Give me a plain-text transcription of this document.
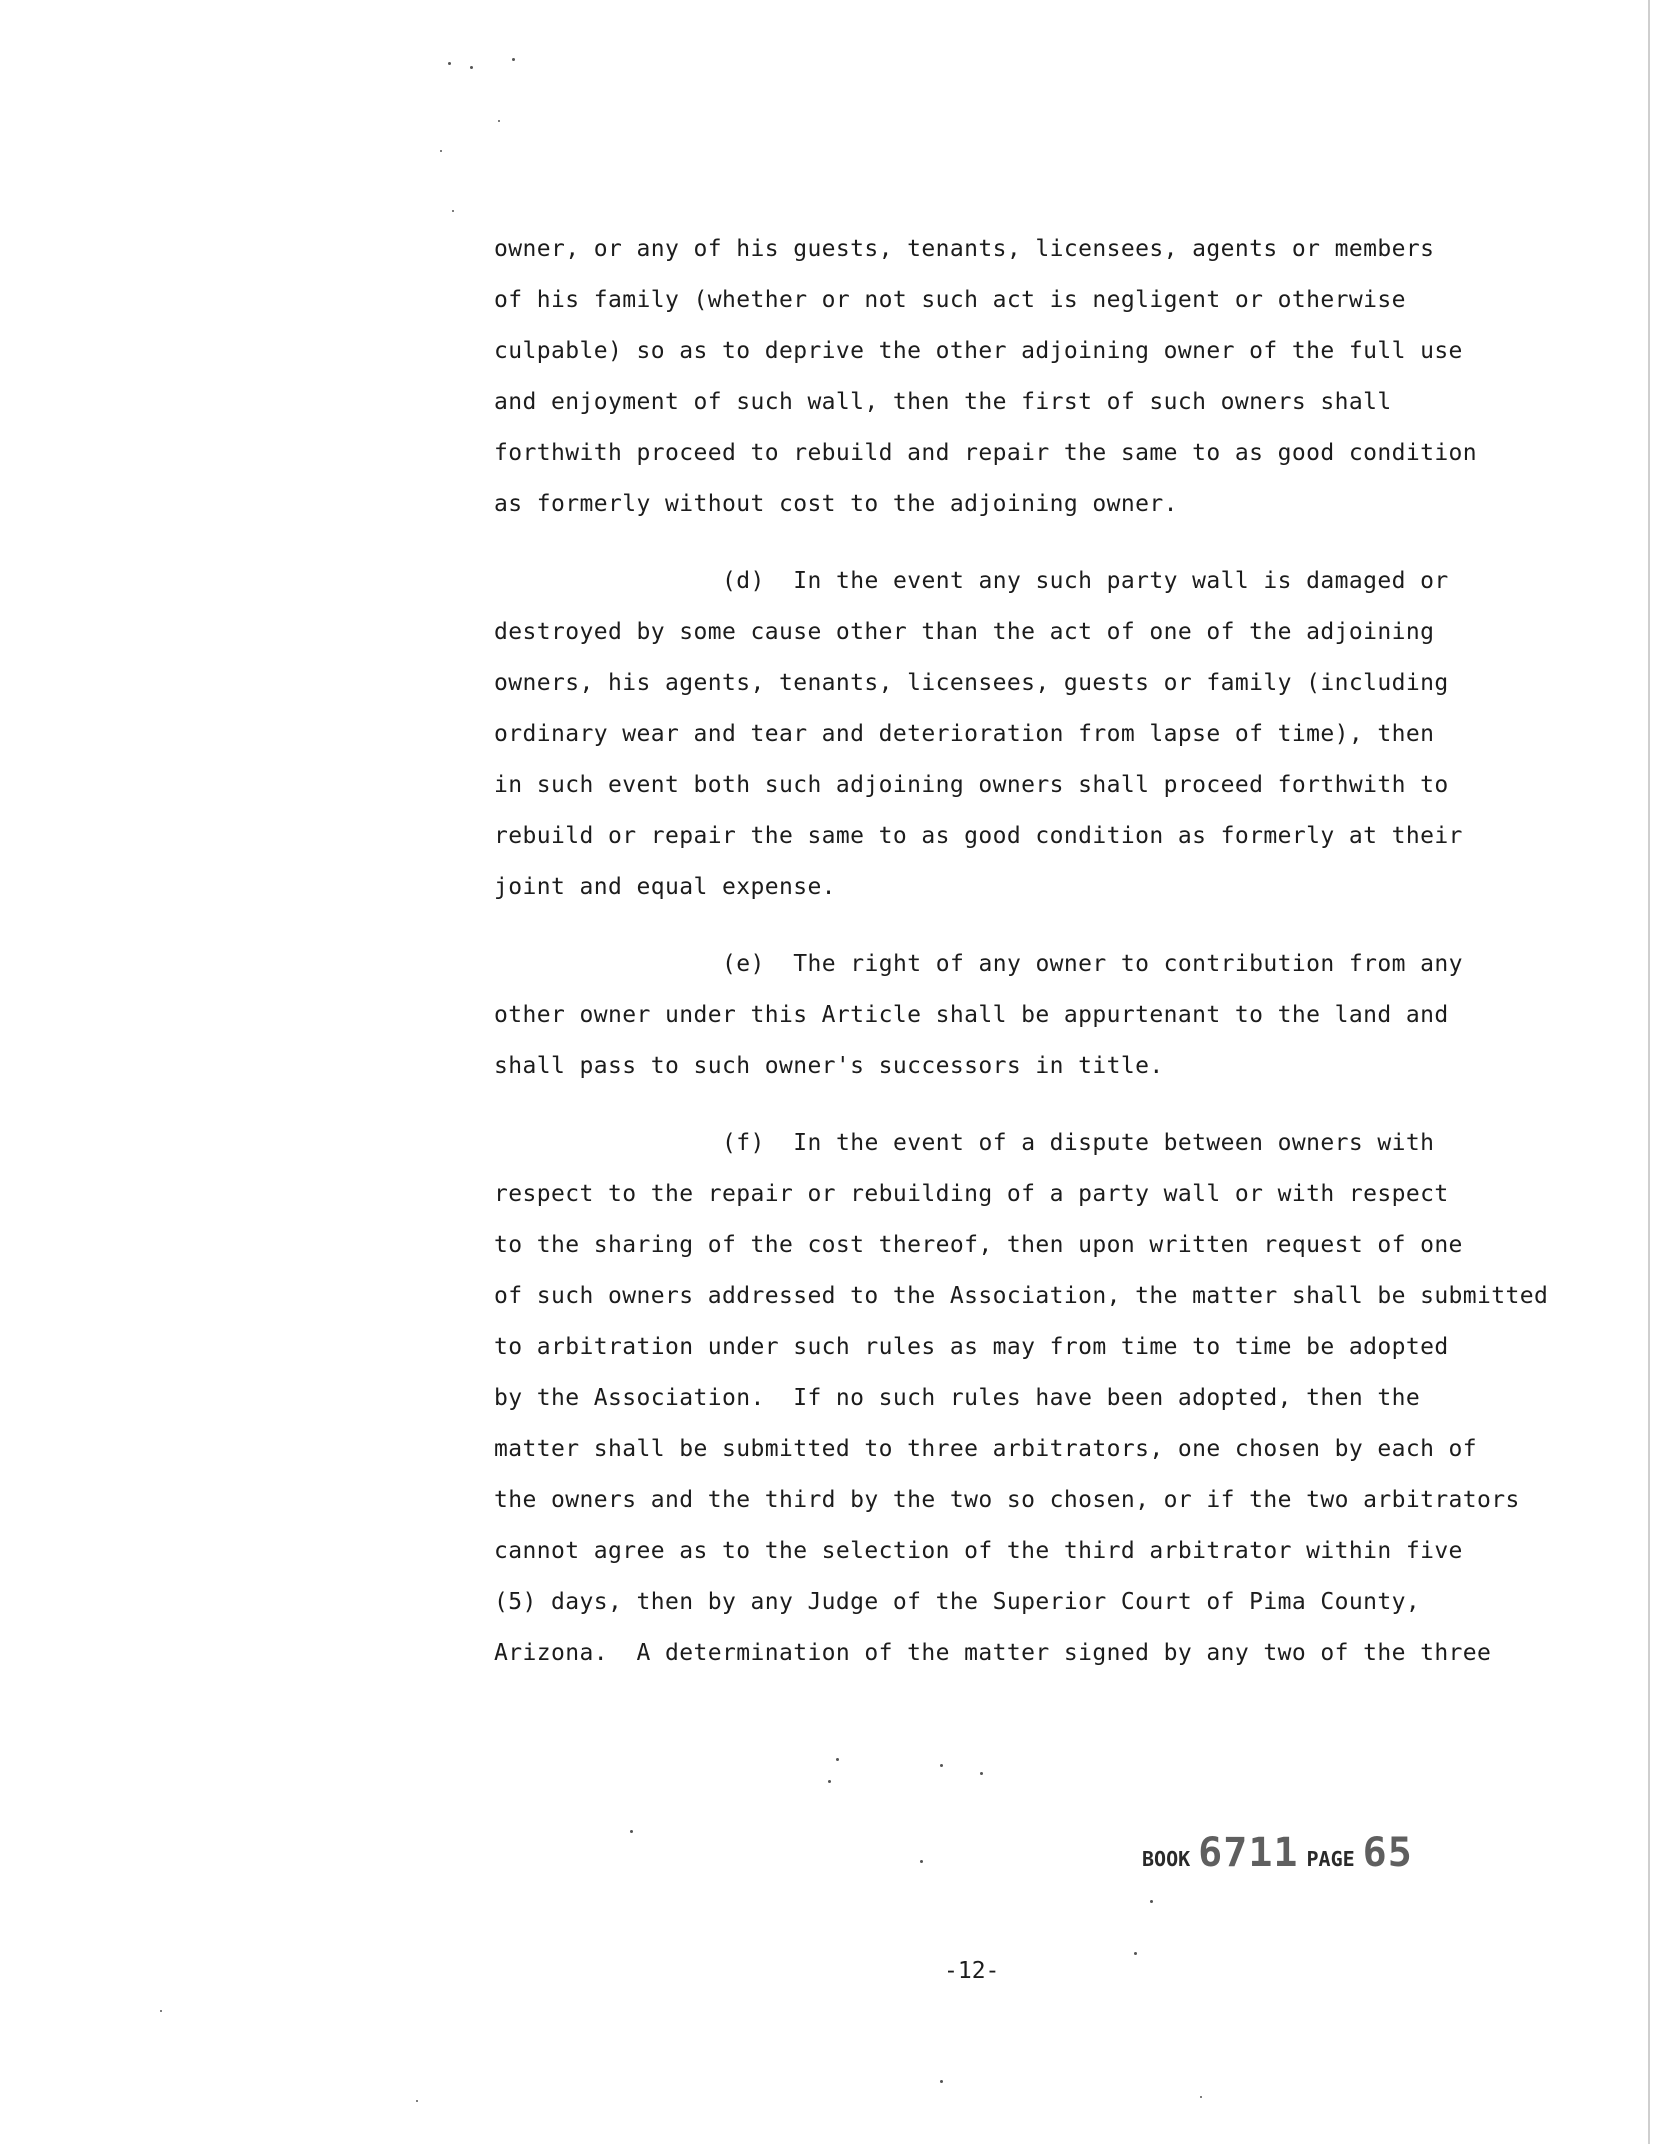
owner, or any of his guests, tenants, licensees, agents or members
of his family (whether or not such act is negligent or otherwise
culpable) so as to deprive the other adjoining owner of the full use
and enjoyment of such wall, then the first of such owners shall
forthwith proceed to rebuild and repair the same to as good condition
as formerly without cost to the adjoining owner.
(d)  In the event any such party wall is damaged or
destroyed by some cause other than the act of one of the adjoining
owners, his agents, tenants, licensees, guests or family (including
ordinary wear and tear and deterioration from lapse of time), then
in such event both such adjoining owners shall proceed forthwith to
rebuild or repair the same to as good condition as formerly at their
joint and equal expense.
(e)  The right of any owner to contribution from any
other owner under this Article shall be appurtenant to the land and
shall pass to such owner's successors in title.
(f)  In the event of a dispute between owners with
respect to the repair or rebuilding of a party wall or with respect
to the sharing of the cost thereof, then upon written request of one
of such owners addressed to the Association, the matter shall be submitted
to arbitration under such rules as may from time to time be adopted
by the Association.  If no such rules have been adopted, then the
matter shall be submitted to three arbitrators, one chosen by each of
the owners and the third by the two so chosen, or if the two arbitrators
cannot agree as to the selection of the third arbitrator within five
(5) days, then by any Judge of the Superior Court of Pima County,
Arizona.  A determination of the matter signed by any two of the three
BOOK 6711 PAGE 65
-12-
